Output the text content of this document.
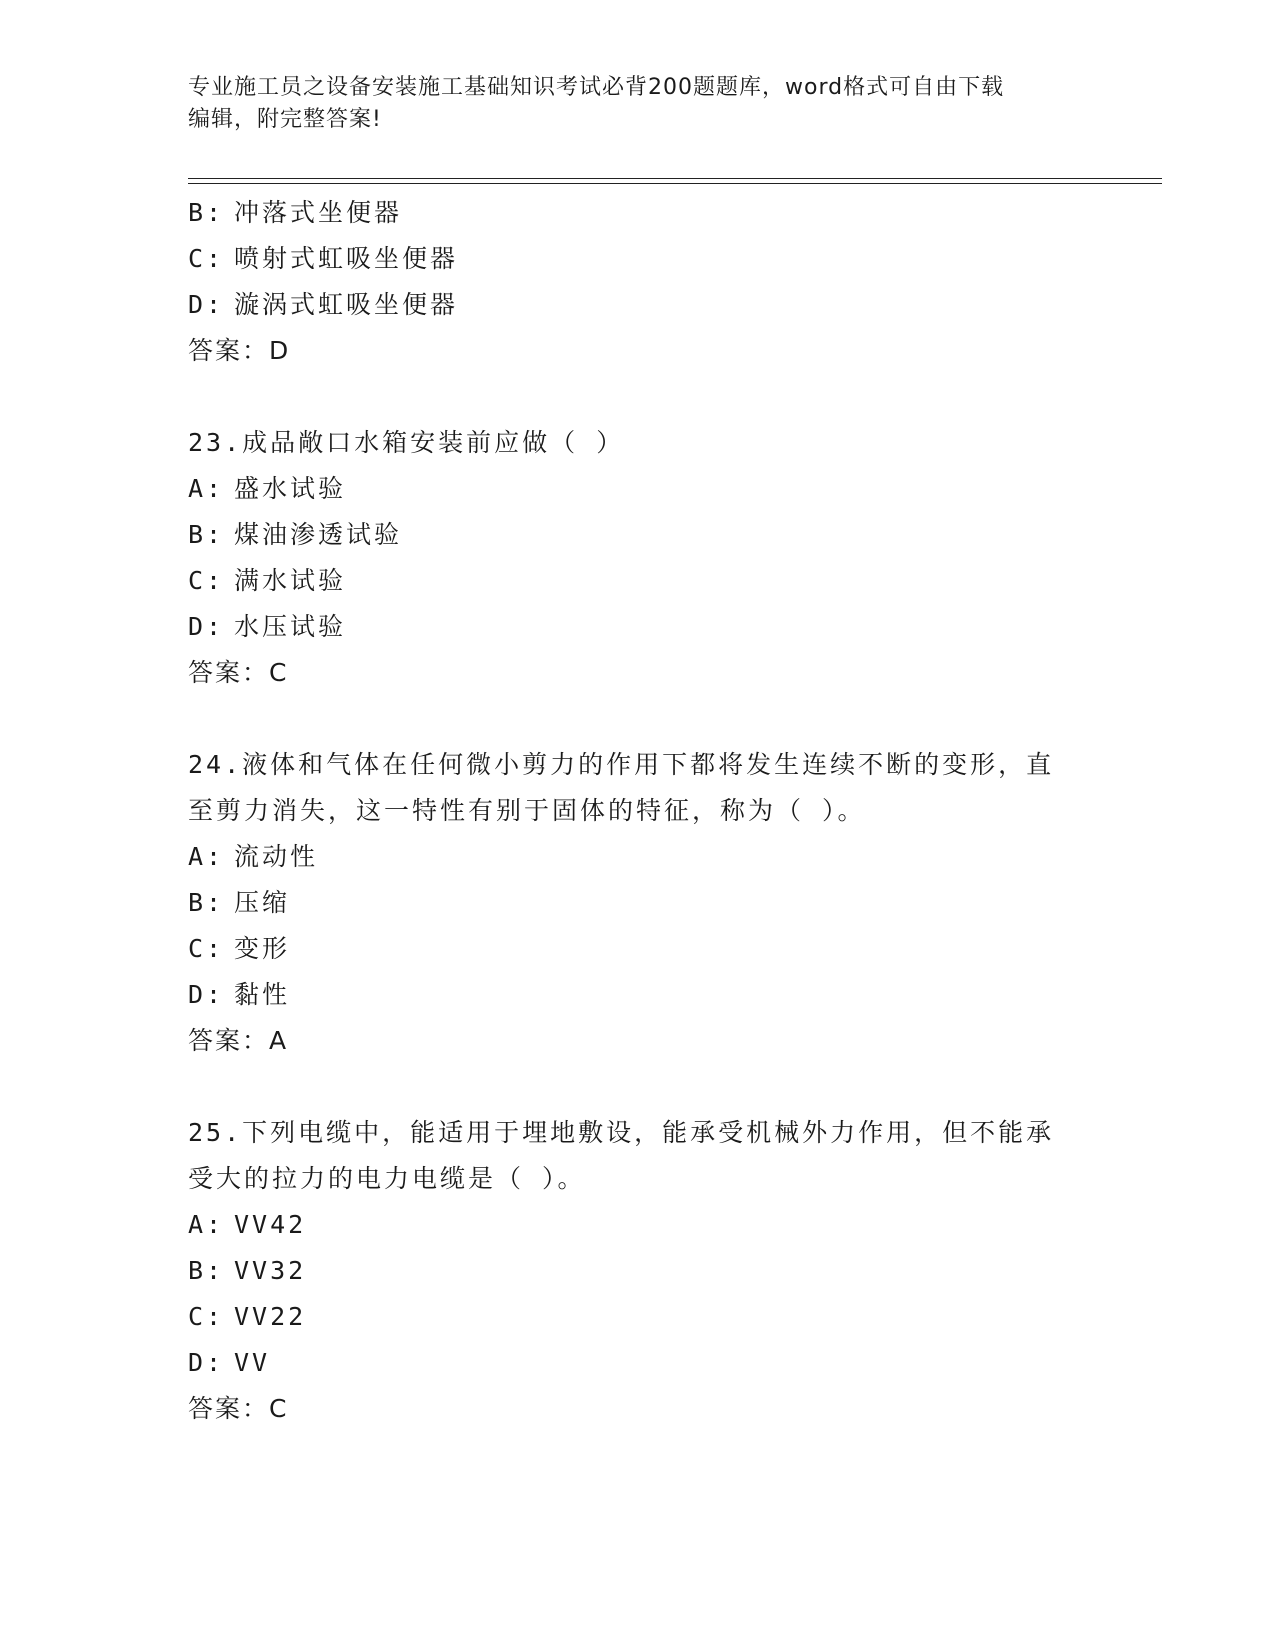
专业施工员之设备安装施工基础知识考试必背200题题库，word格式可自由下载
编辑，附完整答案!
B: 冲落式坐便器
C: 喷射式虹吸坐便器
D: 漩涡式虹吸坐便器
答案：D
23.成品敞口水箱安装前应做（ ）
A: 盛水试验
B: 煤油渗透试验
C: 满水试验
D: 水压试验
答案：C
24.液体和气体在任何微小剪力的作用下都将发生连续不断的变形，直
至剪力消失，这一特性有别于固体的特征，称为（ ）。
A: 流动性
B: 压缩
C: 变形
D: 黏性
答案：A
25.下列电缆中，能适用于埋地敷设，能承受机械外力作用，但不能承
受大的拉力的电力电缆是（ ）。
A: VV42
B: VV32
C: VV22
D: VV
答案：C
